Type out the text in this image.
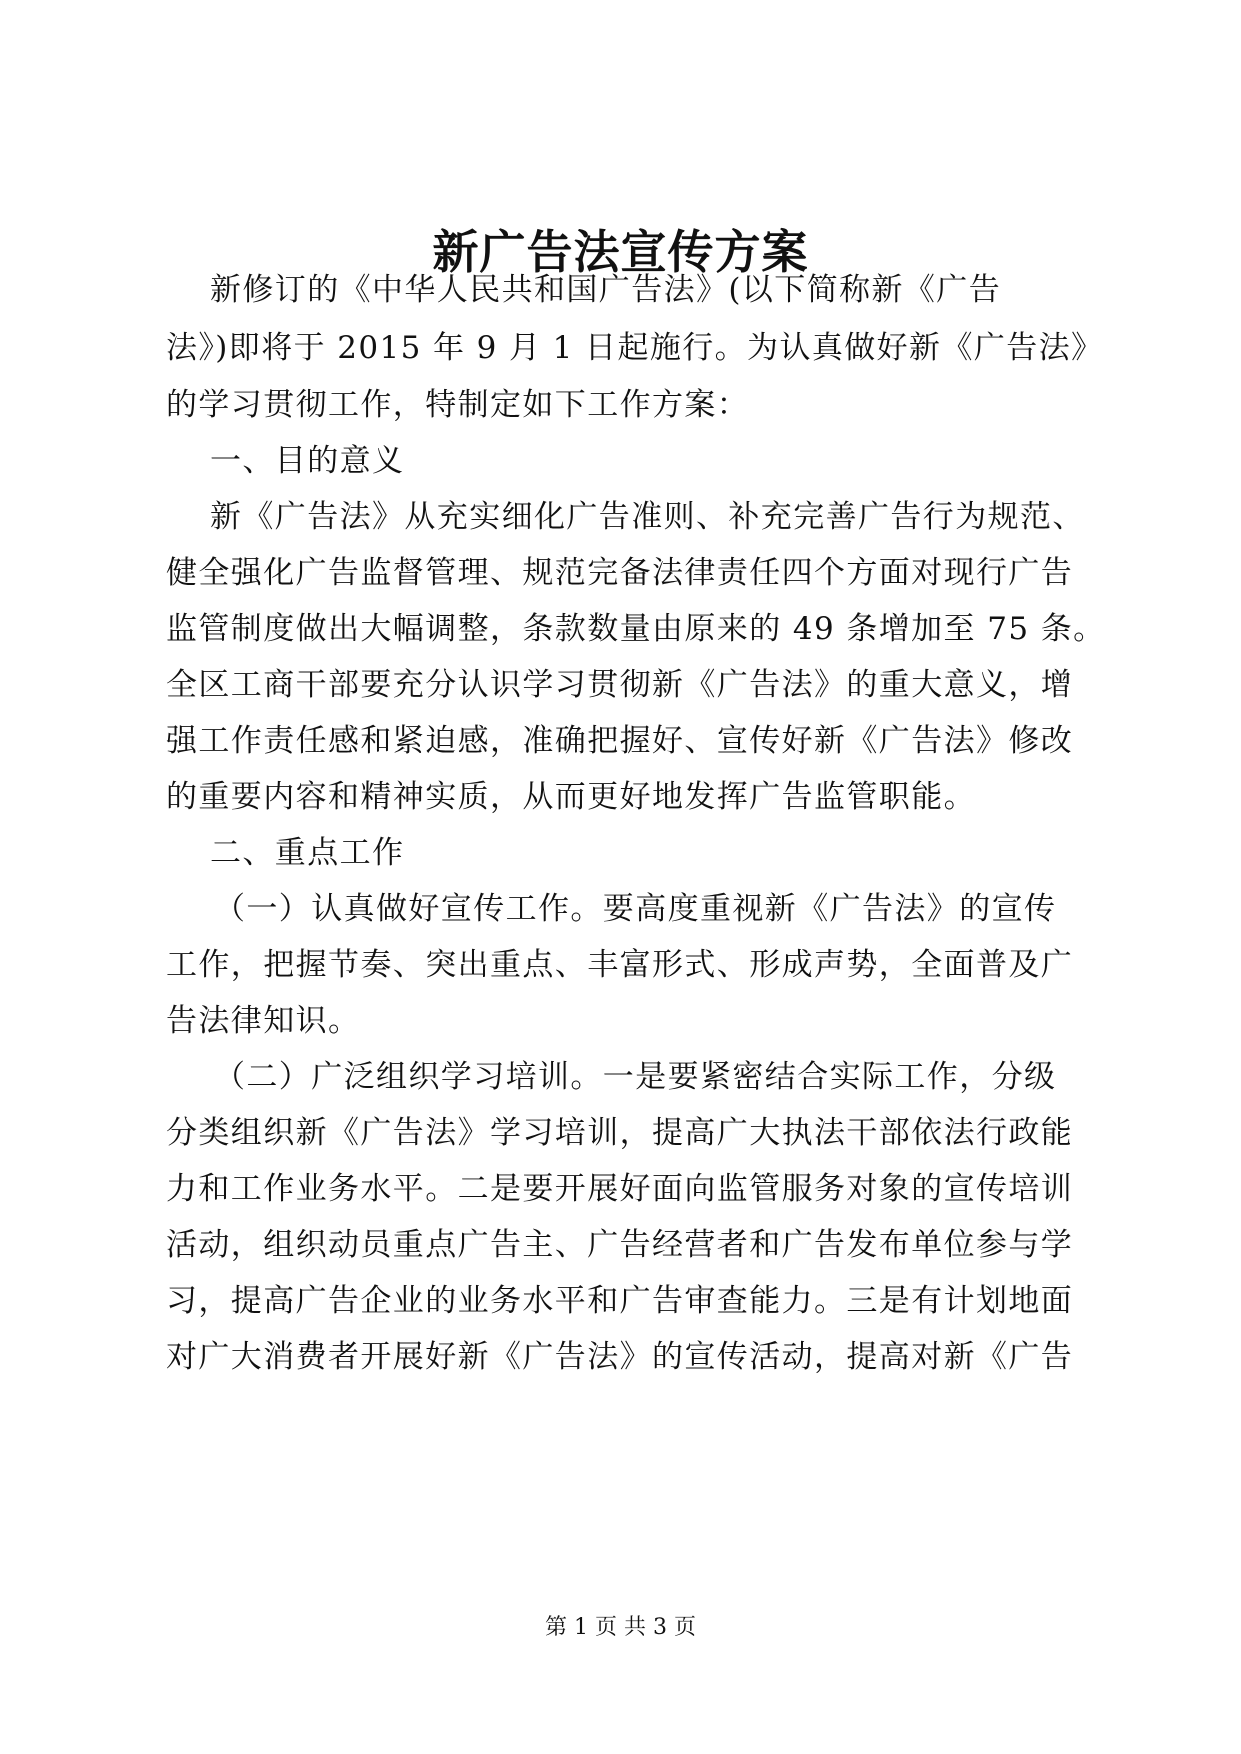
新广告法宣传方案
新修订的《中华人民共和国广告法》(以下简称新《广告
法》)即将于 2015 年 9 月 1 日起施行。为认真做好新《广告法》
的学习贯彻工作，特制定如下工作方案：
一、目的意义
新《广告法》从充实细化广告准则、补充完善广告行为规范、
健全强化广告监督管理、规范完备法律责任四个方面对现行广告
监管制度做出大幅调整，条款数量由原来的 49 条增加至 75 条。
全区工商干部要充分认识学习贯彻新《广告法》的重大意义，增
强工作责任感和紧迫感，准确把握好、宣传好新《广告法》修改
的重要内容和精神实质，从而更好地发挥广告监管职能。
二、重点工作
（一）认真做好宣传工作。要高度重视新《广告法》的宣传
工作，把握节奏、突出重点、丰富形式、形成声势，全面普及广
告法律知识。
（二）广泛组织学习培训。一是要紧密结合实际工作，分级
分类组织新《广告法》学习培训，提高广大执法干部依法行政能
力和工作业务水平。二是要开展好面向监管服务对象的宣传培训
活动，组织动员重点广告主、广告经营者和广告发布单位参与学
习，提高广告企业的业务水平和广告审查能力。三是有计划地面
对广大消费者开展好新《广告法》的宣传活动，提高对新《广告
第 1 页 共 3 页
